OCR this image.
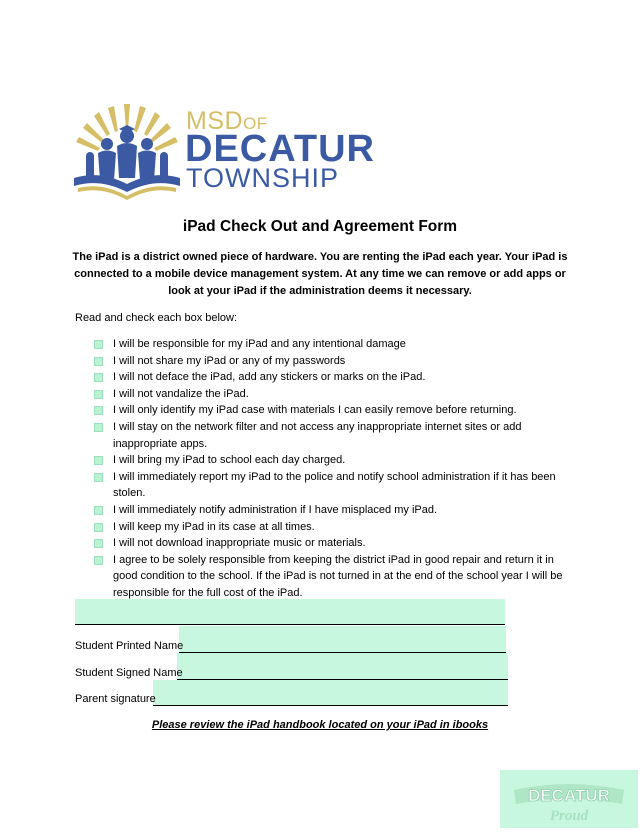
MSDOF
DECATUR
TOWNSHIP
iPad Check Out and Agreement Form
The iPad is a district owned piece of hardware. You are renting the iPad each year. Your iPad is connected to a mobile device management system. At any time we can remove or add apps or look at your iPad if the administration deems it necessary.
Read and check each box below:
I will be responsible for my iPad and any intentional damage
I will not share my iPad or any of my passwords
I will not deface the iPad, add any stickers or marks on the iPad.
I will not vandalize the iPad.
I will only identify my iPad case with materials I can easily remove before returning.
I will stay on the network filter and not access any inappropriate internet sites or add inappropriate apps.
I will bring my iPad to school each day charged.
I will immediately report my iPad to the police and notify school administration if it has been stolen.
I will immediately notify administration if I have misplaced my iPad.
I will keep my iPad in its case at all times.
I will not download inappropriate music or materials.
I agree to be solely responsible from keeping the district iPad in good repair and return it in good condition to the school. If the iPad is not turned in at the end of the school year I will be responsible for the full cost of the iPad.
Student Printed Name
Student Signed Name
Parent signature
Please review the iPad handbook located on your iPad in ibooks
DECATUR
Proud
